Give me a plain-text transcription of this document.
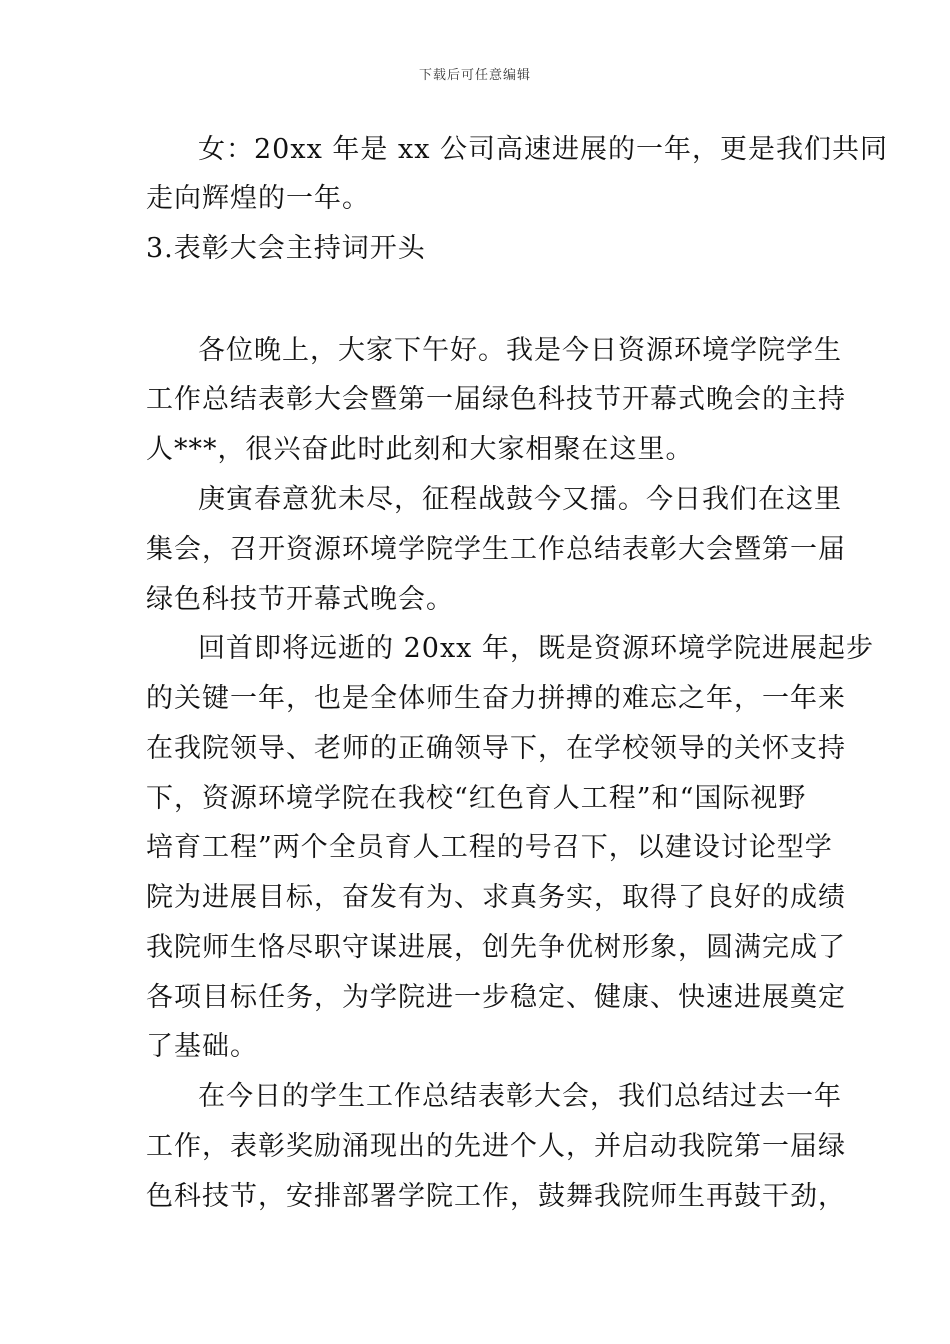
下载后可任意编辑
女：20xx 年是 xx 公司高速进展的一年，更是我们共同
走向辉煌的一年。
3.表彰大会主持词开头
各位晚上，大家下午好。我是今日资源环境学院学生
工作总结表彰大会暨第一届绿色科技节开幕式晚会的主持
人***，很兴奋此时此刻和大家相聚在这里。
庚寅春意犹未尽，征程战鼓今又擂。今日我们在这里
集会，召开资源环境学院学生工作总结表彰大会暨第一届
绿色科技节开幕式晚会。
回首即将远逝的 20xx 年，既是资源环境学院进展起步
的关键一年，也是全体师生奋力拼搏的难忘之年，一年来
在我院领导、老师的正确领导下，在学校领导的关怀支持
下，资源环境学院在我校“红色育人工程”和“国际视野
培育工程”两个全员育人工程的号召下，以建设讨论型学
院为进展目标，奋发有为、求真务实，取得了良好的成绩
我院师生恪尽职守谋进展，创先争优树形象，圆满完成了
各项目标任务，为学院进一步稳定、健康、快速进展奠定
了基础。
在今日的学生工作总结表彰大会，我们总结过去一年
工作，表彰奖励涌现出的先进个人，并启动我院第一届绿
色科技节，安排部署学院工作，鼓舞我院师生再鼓干劲，
